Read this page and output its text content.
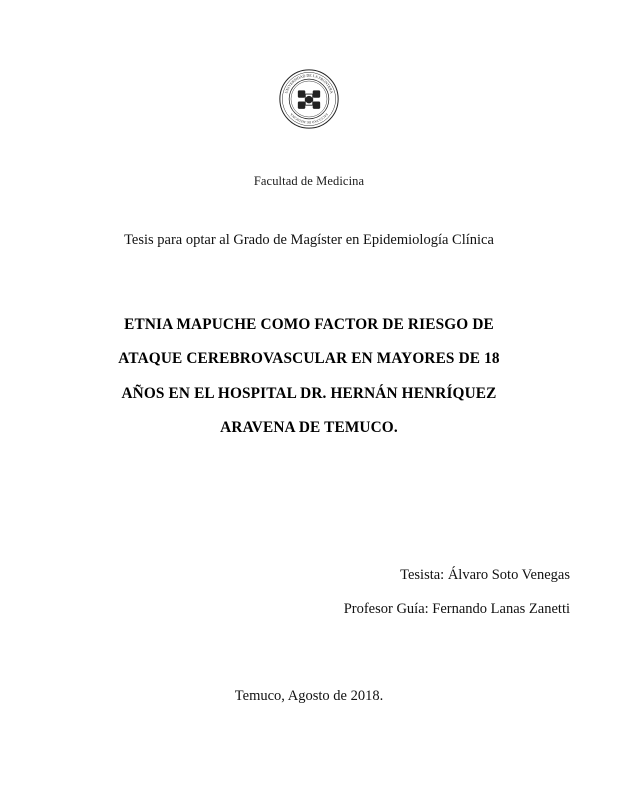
UNIVERSIDAD DE LA FRONTERA
FACULTAD DE MEDICINA
Facultad de Medicina
Tesis para optar al Grado de Magíster en Epidemiología Clínica
ETNIA MAPUCHE COMO FACTOR DE RIESGO DE
ATAQUE CEREBROVASCULAR EN MAYORES DE 18
AÑOS EN EL HOSPITAL DR. HERNÁN HENRÍQUEZ
ARAVENA DE TEMUCO.
Tesista: Álvaro Soto Venegas
Profesor Guía: Fernando Lanas Zanetti
Temuco, Agosto de 2018.
